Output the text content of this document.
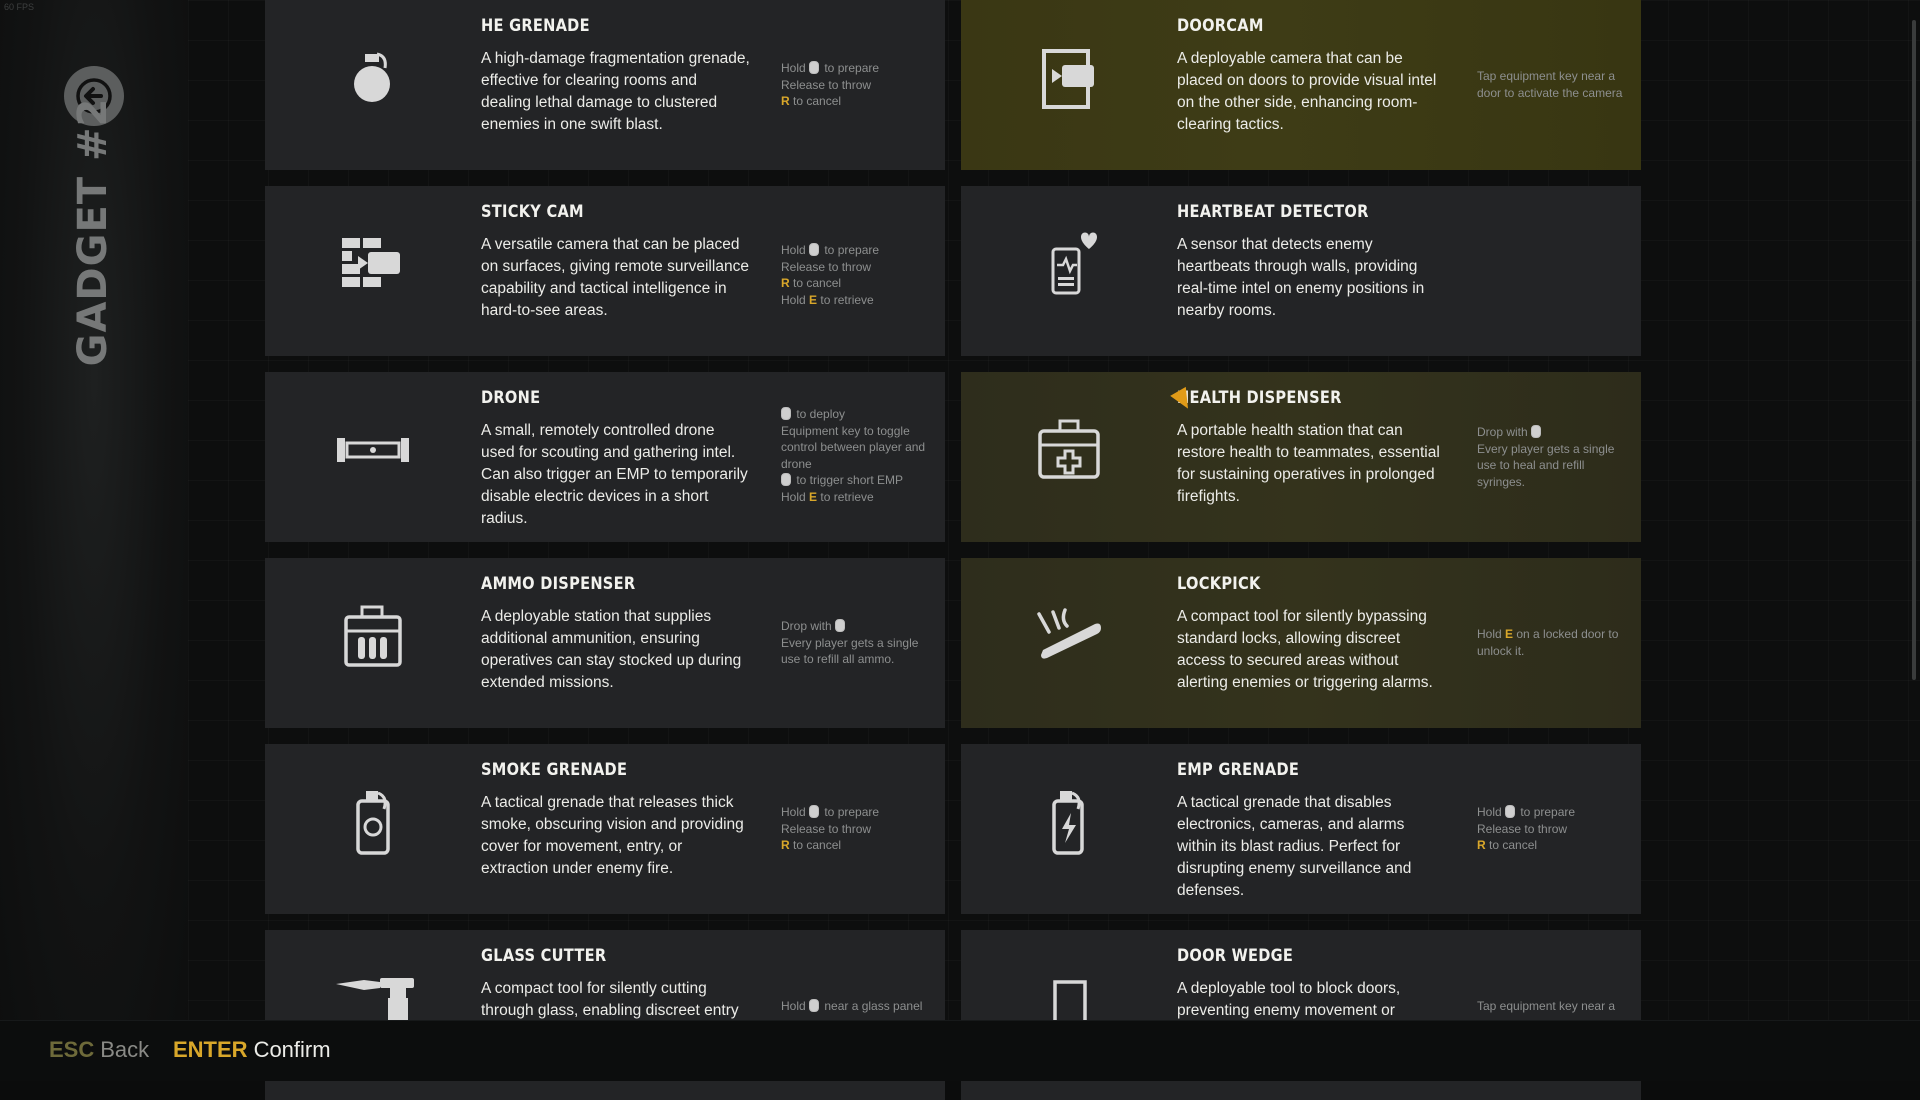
60 FPS
GADGET #2
HE GRENADE
A high-damage fragmentation grenade, effective for clearing rooms and dealing lethal damage to clustered enemies in one swift blast.
Hold  to prepare
Release to throw
R to cancel
DOORCAM
A deployable camera that can be placed on doors to provide visual intel on the other side, enhancing room-clearing tactics.
Tap equipment key near a door to activate the camera
STICKY CAM
A versatile camera that can be placed on surfaces, giving remote surveillance capability and tactical intelligence in hard-to-see areas.
Hold  to prepare
Release to throw
R to cancel
Hold E to retrieve
HEARTBEAT DETECTOR
A sensor that detects enemy heartbeats through walls, providing real-time intel on enemy positions in nearby rooms.
DRONE
A small, remotely controlled drone used for scouting and gathering intel. Can also trigger an EMP to temporarily disable electric devices in a short radius.
to deploy
Equipment key to toggle control between player and drone
to trigger short EMP
Hold E to retrieve
HEALTH DISPENSER
A portable health station that can restore health to teammates, essential for sustaining operatives in prolonged firefights.
Drop with
Every player gets a single use to heal and refill syringes.
AMMO DISPENSER
A deployable station that supplies additional ammunition, ensuring operatives can stay stocked up during extended missions.
Drop with
Every player gets a single use to refill all ammo.
LOCKPICK
A compact tool for silently bypassing standard locks, allowing discreet access to secured areas without alerting enemies or triggering alarms.
Hold E on a locked door to unlock it.
SMOKE GRENADE
A tactical grenade that releases thick smoke, obscuring vision and providing cover for movement, entry, or extraction under enemy fire.
Hold  to prepare
Release to throw
R to cancel
EMP GRENADE
A tactical grenade that disables electronics, cameras, and alarms within its blast radius. Perfect for disrupting enemy surveillance and defenses.
Hold  to prepare
Release to throw
R to cancel
GLASS CUTTER
A compact tool for silently cutting through glass, enabling discreet entry	Hold  near a glass panel
DOOR WEDGE
A deployable tool to block doors, preventing enemy movement or	Tap equipment key near a
ESC Back ENTER Confirm
